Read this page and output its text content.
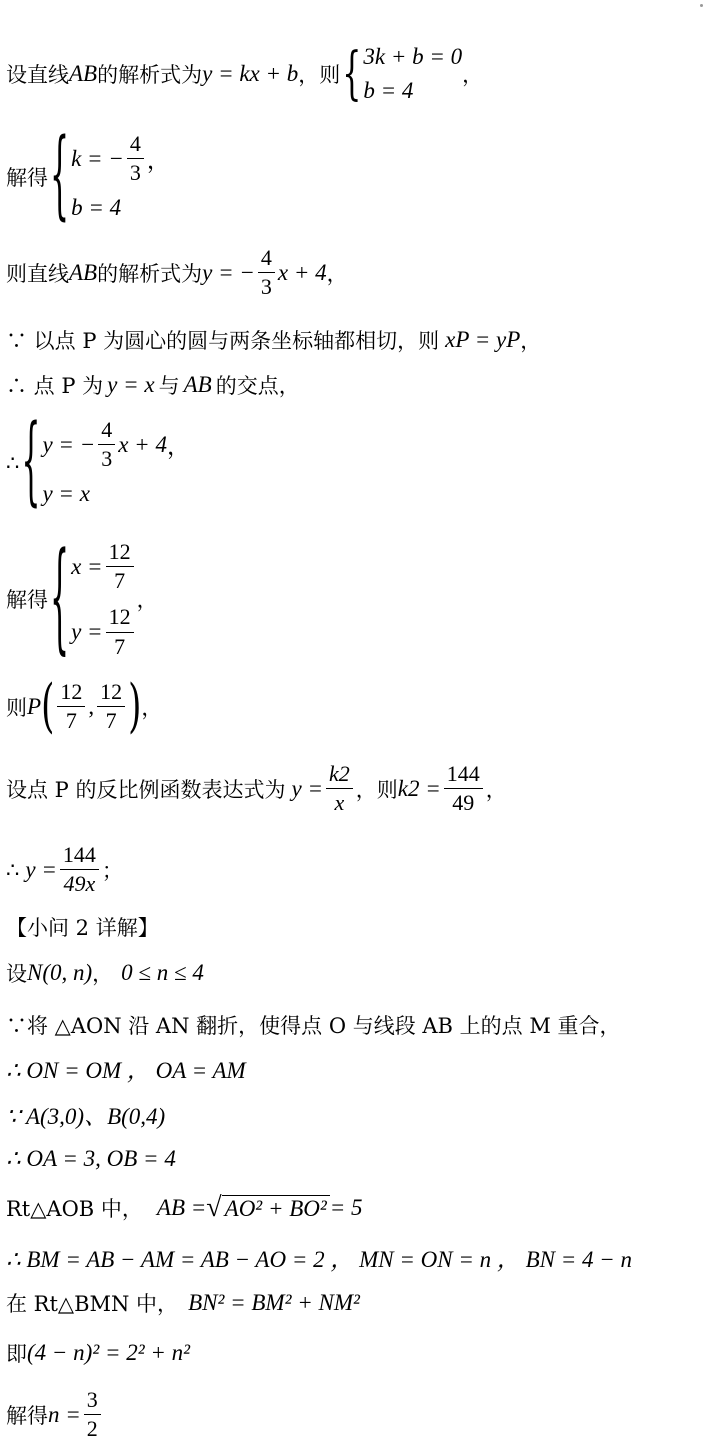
设直线 AB 的解析式为 y = kx + b ，则 { 3k + b = 0
b = 4
，
解得 { k = − $\frac{4}{3}$ ，
b = 4
则直线 AB 的解析式为 y = − $\frac{4}{3}$ x + 4 ，
∵ 以点 P 为圆心的圆与两条坐标轴都相切，则 xP = yP ，
∴ 点 P 为 y = x 与 AB 的交点，
∴ { y = − $\frac{4}{3}$ x + 4 ，
y = x
解得 { $x = \frac{12}{7}$
$y = \frac{12}{7}$
，
则 P ( $\frac{12}{7}$ , $\frac{12}{7}$ ) ，
设点 P 的反比例函数表达式为 $y = \frac{k2}{x}$ ，则 $k2 = \frac{144}{49}$ ，
∴ $y = \frac{144}{49x}$ ；
【小问 2 详解】
设 N(0, n) ， 0 ≤ n ≤ 4
∵将 △AON 沿 AN 翻折，使得点 O 与线段 AB 上的点 M 重合，
∴ ON = OM ， OA = AM
∵ A(3,0)、B(0,4)
∴ OA = 3, OB = 4
Rt△AOB 中， AB = √ AO² + BO² = 5
∴ BM = AB − AM = AB − AO = 2 ， MN = ON = n ， BN = 4 − n
在 Rt△BMN 中， BN² = BM² + NM²
即 (4 − n)² = 2² + n²
解得 $n = \frac{3}{2}$
